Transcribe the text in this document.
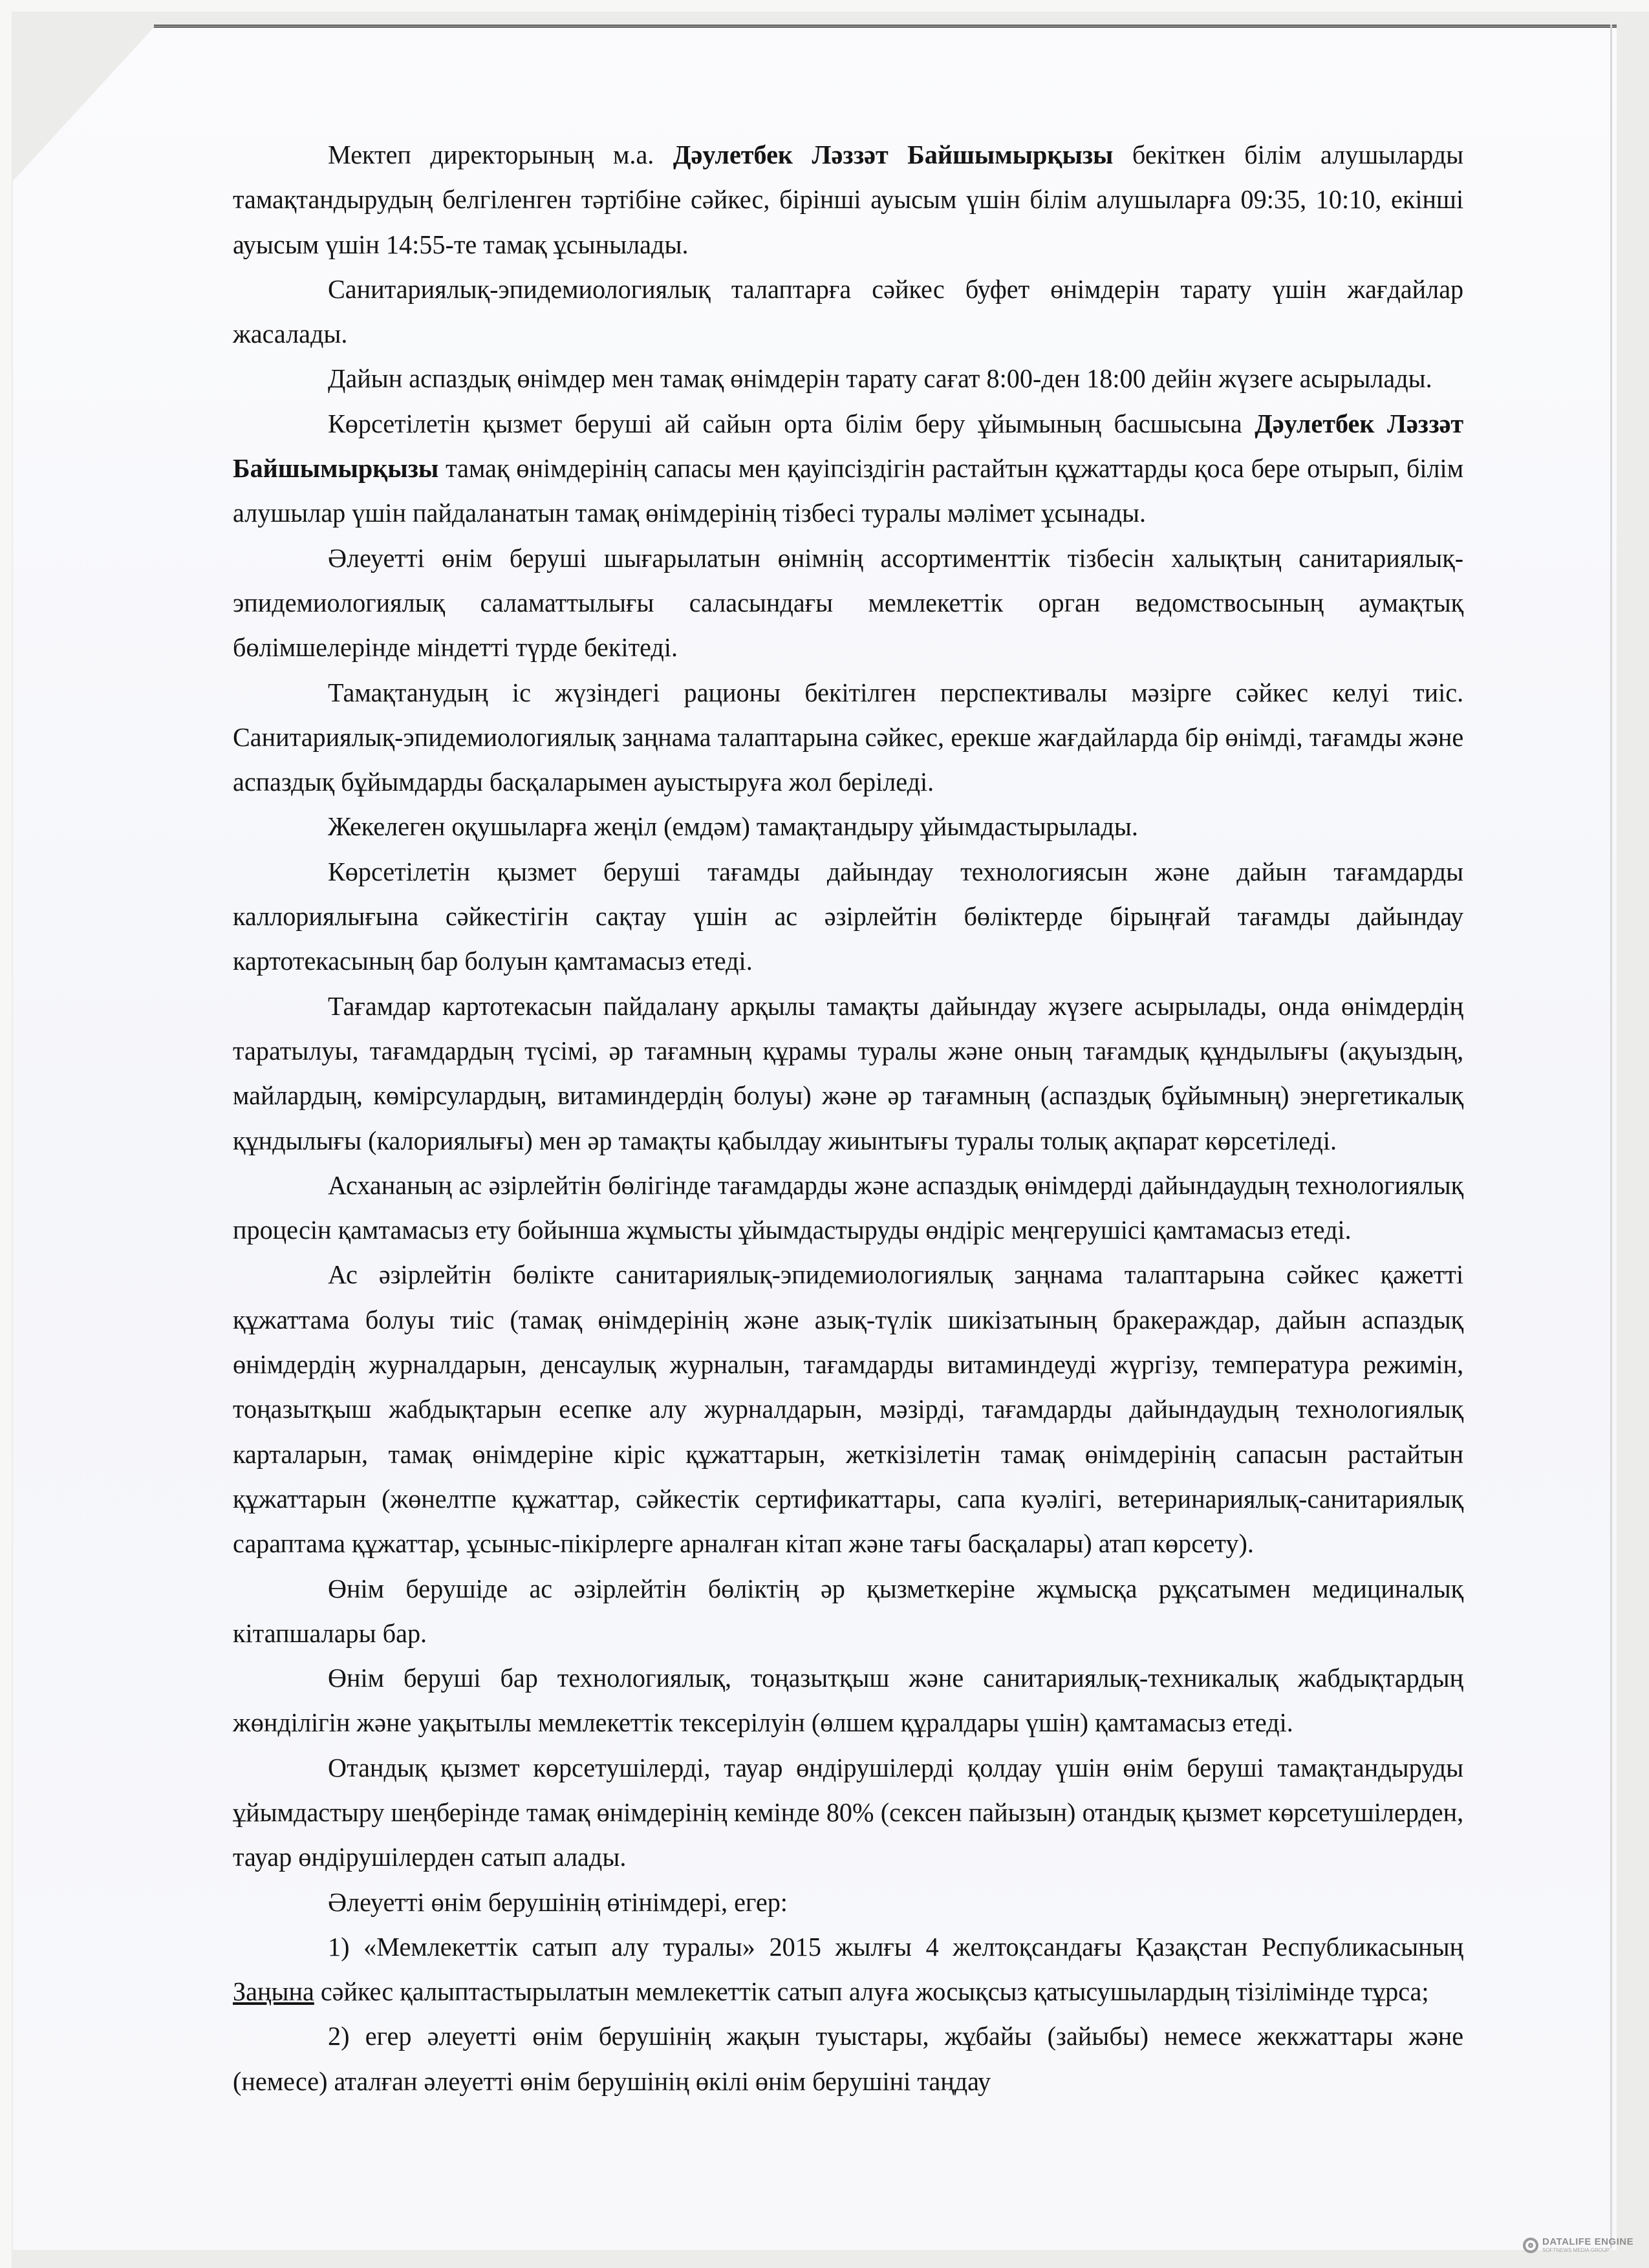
Мектеп директорының м.а. Дәулетбек Ләззәт Байшымырқызы бекіткен білім алушыларды тамақтандырудың белгіленген тәртібіне сәйкес, бірінші ауысым үшін білім алушыларға 09:35, 10:10, екінші ауысым үшін 14:55-те тамақ ұсынылады.

Санитариялық-эпидемиологиялық талаптарға сәйкес буфет өнімдерін тарату үшін жағдайлар жасалады.

Дайын аспаздық өнімдер мен тамақ өнімдерін тарату сағат 8:00-ден 18:00 дейін жүзеге асырылады.

Көрсетілетін қызмет беруші ай сайын орта білім беру ұйымының басшысына Дәулетбек Ләззәт Байшымырқызы тамақ өнімдерінің сапасы мен қауіпсіздігін растайтын құжаттарды қоса бере отырып, білім алушылар үшін пайдаланатын тамақ өнімдерінің тізбесі туралы мәлімет ұсынады.

Әлеуетті өнім беруші шығарылатын өнімнің ассортименттік тізбесін халықтың санитариялық-эпидемиологиялық саламаттылығы саласындағы мемлекеттік орган ведомствосының аумақтық бөлімшелерінде міндетті түрде бекітеді.

Тамақтанудың іс жүзіндегі рационы бекітілген перспективалы мәзірге сәйкес келуі тиіс. Санитариялық-эпидемиологиялық заңнама талаптарына сәйкес, ерекше жағдайларда бір өнімді, тағамды және аспаздық бұйымдарды басқаларымен ауыстыруға жол беріледі.

Жекелеген оқушыларға жеңіл (емдәм) тамақтандыру ұйымдастырылады.

Көрсетілетін қызмет беруші тағамды дайындау технологиясын және дайын тағамдарды каллориялығына сәйкестігін сақтау үшін ас әзірлейтін бөліктерде бірыңғай тағамды дайындау картотекасының бар болуын қамтамасыз етеді.

Тағамдар картотекасын пайдалану арқылы тамақты дайындау жүзеге асырылады, онда өнімдердің таратылуы, тағамдардың түсімі, әр тағамның құрамы туралы және оның тағамдық құндылығы (ақуыздың, майлардың, көмірсулардың, витаминдердің болуы) және әр тағамның (аспаздық бұйымның) энергетикалық құндылығы (калориялығы) мен әр тамақты қабылдау жиынтығы туралы толық ақпарат көрсетіледі.

Асхананың ас әзірлейтін бөлігінде тағамдарды және аспаздық өнімдерді дайындаудың технологиялық процесін қамтамасыз ету бойынша жұмысты ұйымдастыруды өндіріс меңгерушісі қамтамасыз етеді.

Ас әзірлейтін бөлікте санитариялық-эпидемиологиялық заңнама талаптарына сәйкес қажетті құжаттама болуы тиіс (тамақ өнімдерінің және азық-түлік шикізатының бракераждар, дайын аспаздық өнімдердің журналдарын, денсаулық журналын, тағамдарды витаминдеуді жүргізу, температура режимін, тоңазытқыш жабдықтарын есепке алу журналдарын, мәзірді, тағамдарды дайындаудың технологиялық карталарын, тамақ өнімдеріне кіріс құжаттарын, жеткізілетін тамақ өнімдерінің сапасын растайтын құжаттарын (жөнелтпе құжаттар, сәйкестік сертификаттары, сапа куәлігі, ветеринариялық-санитариялық сараптама құжаттар, ұсыныс-пікірлерге арналған кітап және тағы басқалары) атап көрсету).

Өнім берушіде ас әзірлейтін бөліктің әр қызметкеріне жұмысқа рұқсатымен медициналық кітапшалары бар.

Өнім беруші бар технологиялық, тоңазытқыш және санитариялық-техникалық жабдықтардың жөнділігін және уақытылы мемлекеттік тексерілуін (өлшем құралдары үшін) қамтамасыз етеді.

Отандық қызмет көрсетушілерді, тауар өндірушілерді қолдау үшін өнім беруші тамақтандыруды ұйымдастыру шеңберінде тамақ өнімдерінің кемінде 80% (сексен пайызын) отандық қызмет көрсетушілерден, тауар өндірушілерден сатып алады.

Әлеуетті өнім берушінің өтінімдері, егер:

1) «Мемлекеттік сатып алу туралы» 2015 жылғы 4 желтоқсандағы Қазақстан Республикасының Заңына сәйкес қалыптастырылатын мемлекеттік сатып алуға жосықсыз қатысушылардың тізілімінде тұрса;

2) егер әлеуетті өнім берушінің жақын туыстары, жұбайы (зайыбы) немесе жекжаттары және (немесе) аталған әлеуетті өнім берушінің өкілі өнім берушіні таңдау

DATALIFE ENGINE
SOFTNEWS MEDIA GROUP
